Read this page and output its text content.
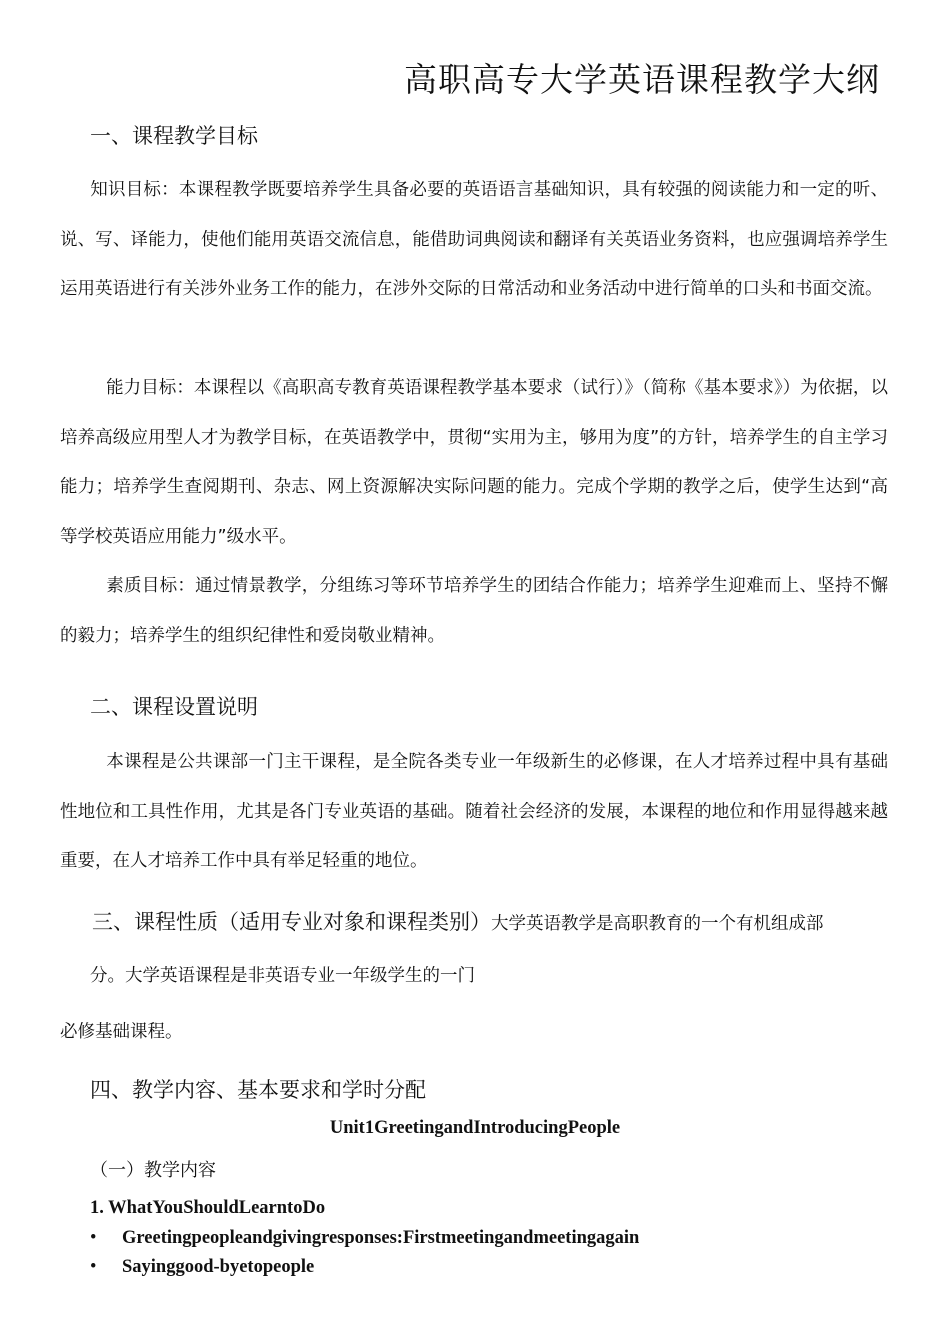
高职高专大学英语课程教学大纲
一、课程教学目标
知识目标：本课程教学既要培养学生具备必要的英语语言基础知识，具有较强的阅读能力和一定的听、说、写、译能力，使他们能用英语交流信息，能借助词典阅读和翻译有关英语业务资料，也应强调培养学生运用英语进行有关涉外业务工作的能力，在涉外交际的日常活动和业务活动中进行简单的口头和书面交流。
能力目标：本课程以《高职高专教育英语课程教学基本要求（试行）》（简称《基本要求》）为依据，以培养高级应用型人才为教学目标，在英语教学中，贯彻“实用为主，够用为度”的方针，培养学生的自主学习能力；培养学生查阅期刊、杂志、网上资源解决实际问题的能力。完成个学期的教学之后，使学生达到“高等学校英语应用能力”级水平。
素质目标：通过情景教学，分组练习等环节培养学生的团结合作能力；培养学生迎难而上、坚持不懈的毅力；培养学生的组织纪律性和爱岗敬业精神。
二、课程设置说明
本课程是公共课部一门主干课程，是全院各类专业一年级新生的必修课，在人才培养过程中具有基础性地位和工具性作用，尤其是各门专业英语的基础。随着社会经济的发展，本课程的地位和作用显得越来越重要，在人才培养工作中具有举足轻重的地位。
三、课程性质（适用专业对象和课程类别）大学英语教学是高职教育的一个有机组成部
分。大学英语课程是非英语专业一年级学生的一门
必修基础课程。
四、教学内容、基本要求和学时分配
Unit1GreetingandIntroducingPeople
（一）教学内容
1. WhatYouShouldLearntoDo
• Greetingpeopleandgivingresponses:Firstmeetingandmeetingagain
• Sayinggood-byetopeople
